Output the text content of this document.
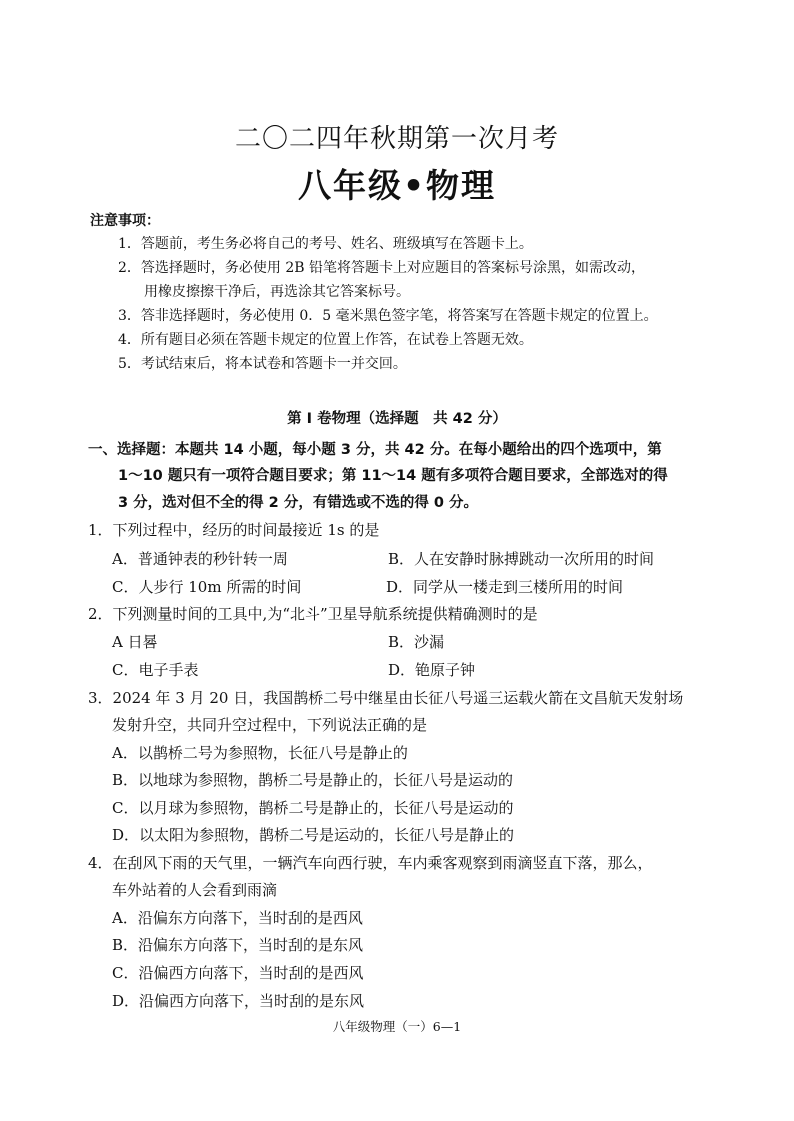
二〇二四年秋期第一次月考
八年级•物理
注意事项：
1．答题前，考生务必将自己的考号、姓名、班级填写在答题卡上。
2．答选择题时，务必使用 2B 铅笔将答题卡上对应题目的答案标号涂黑，如需改动，
用橡皮擦擦干净后，再选涂其它答案标号。
3．答非选择题时，务必使用 0．5 毫米黑色签字笔，将答案写在答题卡规定的位置上。
4．所有题目必须在答题卡规定的位置上作答，在试卷上答题无效。
5．考试结束后，将本试卷和答题卡一并交回。
第 I 卷物理（选择题　共 42 分）
一、选择题：本题共 14 小题，每小题 3 分，共 42 分。在每小题给出的四个选项中，第
1～10 题只有一项符合题目要求；第 11～14 题有多项符合题目要求，全部选对的得
3 分，选对但不全的得 2 分，有错选或不选的得 0 分。
1．下列过程中，经历的时间最接近 1s 的是
A．普通钟表的秒针转一周	B．人在安静时脉搏跳动一次所用的时间
C．人步行 10m 所需的时间	D．同学从一楼走到三楼所用的时间
2．下列测量时间的工具中,为“北斗”卫星导航系统提供精确测时的是
A 日晷	B．沙漏
C．电子手表	D．铯原子钟
3．2024 年 3 月 20 日，我国鹊桥二号中继星由长征八号遥三运载火箭在文昌航天发射场
发射升空，共同升空过程中，下列说法正确的是
A．以鹊桥二号为参照物，长征八号是静止的
B．以地球为参照物，鹊桥二号是静止的，长征八号是运动的
C．以月球为参照物，鹊桥二号是静止的，长征八号是运动的
D．以太阳为参照物，鹊桥二号是运动的，长征八号是静止的
4．在刮风下雨的天气里，一辆汽车向西行驶，车内乘客观察到雨滴竖直下落，那么，
车外站着的人会看到雨滴
A．沿偏东方向落下，当时刮的是西风
B．沿偏东方向落下，当时刮的是东风
C．沿偏西方向落下，当时刮的是西风
D．沿偏西方向落下，当时刮的是东风
八年级物理（一）6—1
